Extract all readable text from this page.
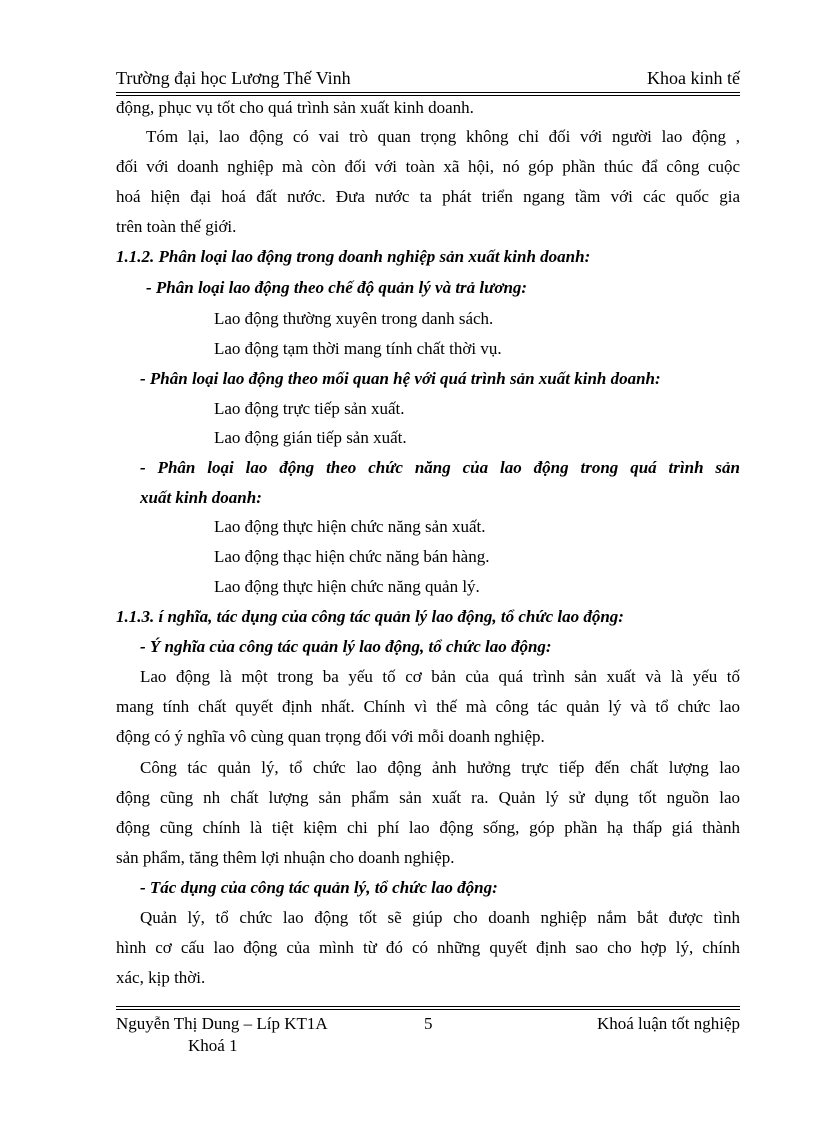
Trường đại học Lương Thế Vinh	Khoa kinh tế
động, phục vụ tốt cho quá trình sản xuất kinh doanh.
Tóm lại, lao động có vai trò quan trọng không chỉ đối với người lao động ,
đối với doanh nghiệp mà còn đối với toàn xã hội, nó góp phần thúc đẩ công cuộc
hoá hiện đại hoá đất nước. Đưa nước ta phát triển ngang tầm với các quốc gia
trên toàn thế giới.
1.1.2. Phân loại lao động trong doanh nghiệp sản xuất kinh doanh:
- Phân loại lao động theo chế độ quản lý và trả lương:
Lao động thường xuyên trong danh sách.
Lao động tạm thời mang tính chất thời vụ.
- Phân loại lao động theo mối quan hệ với quá trình sản xuất kinh doanh:
Lao động trực tiếp sản xuất.
Lao động gián tiếp sản xuất.
- Phân loại lao động theo chức năng của lao động trong quá trình sản
xuất kinh doanh:
Lao động thực hiện chức năng sản xuất.
Lao động thạc hiện chức năng bán hàng.
Lao động thực hiện chức năng quản lý.
1.1.3. í nghĩa, tác dụng của công tác quản lý lao động, tổ chức lao động:
- Ý nghĩa của công tác quản lý lao động, tổ chức lao động:
Lao động là một trong ba yếu tố cơ bản của quá trình sản xuất và là yếu tố
mang tính chất quyết định nhất. Chính vì thế mà công tác quản lý và tổ chức lao
động có ý nghĩa vô cùng quan trọng đối với mỗi doanh nghiệp.
Công tác quản lý, tổ chức lao động ảnh hưởng trực tiếp đến chất lượng lao
động cũng nh chất lượng sản phẩm sản xuất ra. Quản lý sử dụng tốt nguồn lao
động cũng chính là tiệt kiệm chi phí lao động sống, góp phần hạ thấp giá thành
sản phẩm, tăng thêm lợi nhuận cho doanh nghiệp.
- Tác dụng của công tác quản lý, tổ chức lao động:
Quản lý, tổ chức lao động tốt sẽ giúp cho doanh nghiệp nắm bắt được tình
hình cơ cấu lao động của mình từ đó có những quyết định sao cho hợp lý, chính
xác, kịp thời.
Nguyễn Thị Dung – Líp KT1A	5	Khoá luận tốt nghiệp
Khoá 1
